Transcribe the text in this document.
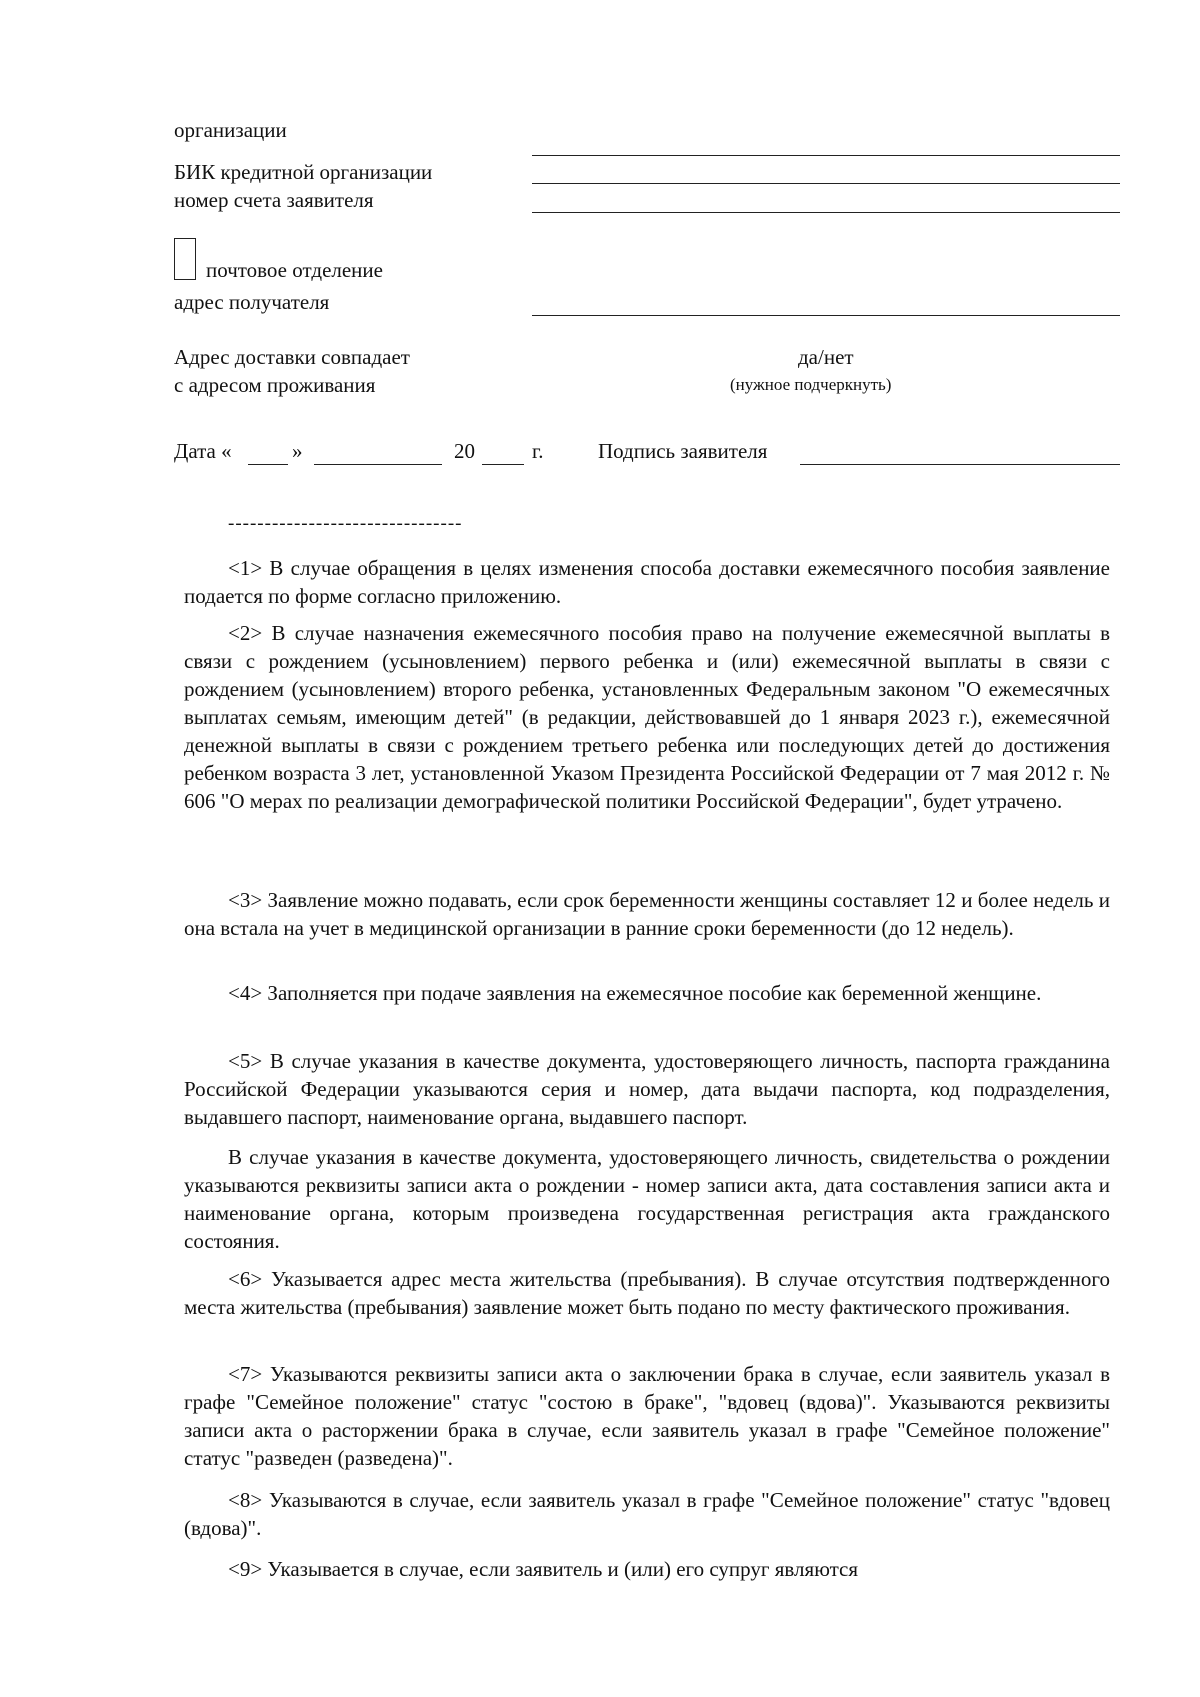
организации
БИК кредитной организации
номер счета заявителя
почтовое отделение
адрес получателя
Адрес доставки совпадает
с адресом проживания
да/нет
(нужное подчеркнуть)
Дата «	»	20	г.	Подпись заявителя
--------------------------------
<1> В случае обращения в целях изменения способа доставки ежемесячного пособия заявление подается по форме согласно приложению.
<2> В случае назначения ежемесячного пособия право на получение ежемесячной выплаты в связи с рождением (усыновлением) первого ребенка и (или) ежемесячной выплаты в связи с рождением (усыновлением) второго ребенка, установленных Федеральным законом "О ежемесячных выплатах семьям, имеющим детей" (в редакции, действовавшей до 1 января 2023 г.), ежемесячной денежной выплаты в связи с рождением третьего ребенка или последующих детей до достижения ребенком возраста 3 лет, установленной Указом Президента Российской Федерации от 7 мая 2012 г. № 606 "О мерах по реализации демографической политики Российской Федерации", будет утрачено.
<3> Заявление можно подавать, если срок беременности женщины составляет 12 и более недель и она встала на учет в медицинской организации в ранние сроки беременности (до 12 недель).
<4> Заполняется при подаче заявления на ежемесячное пособие как беременной женщине.
<5> В случае указания в качестве документа, удостоверяющего личность, паспорта гражданина Российской Федерации указываются серия и номер, дата выдачи паспорта, код подразделения, выдавшего паспорт, наименование органа, выдавшего паспорт.
В случае указания в качестве документа, удостоверяющего личность, свидетельства о рождении указываются реквизиты записи акта о рождении - номер записи акта, дата составления записи акта и наименование органа, которым произведена государственная регистрация акта гражданского состояния.
<6> Указывается адрес места жительства (пребывания). В случае отсутствия подтвержденного места жительства (пребывания) заявление может быть подано по месту фактического проживания.
<7> Указываются реквизиты записи акта о заключении брака в случае, если заявитель указал в графе "Семейное положение" статус "состою в браке", "вдовец (вдова)". Указываются реквизиты записи акта о расторжении брака в случае, если заявитель указал в графе "Семейное положение" статус "разведен (разведена)".
<8> Указываются в случае, если заявитель указал в графе "Семейное положение" статус "вдовец (вдова)".
<9> Указывается в случае, если заявитель и (или) его супруг являются
